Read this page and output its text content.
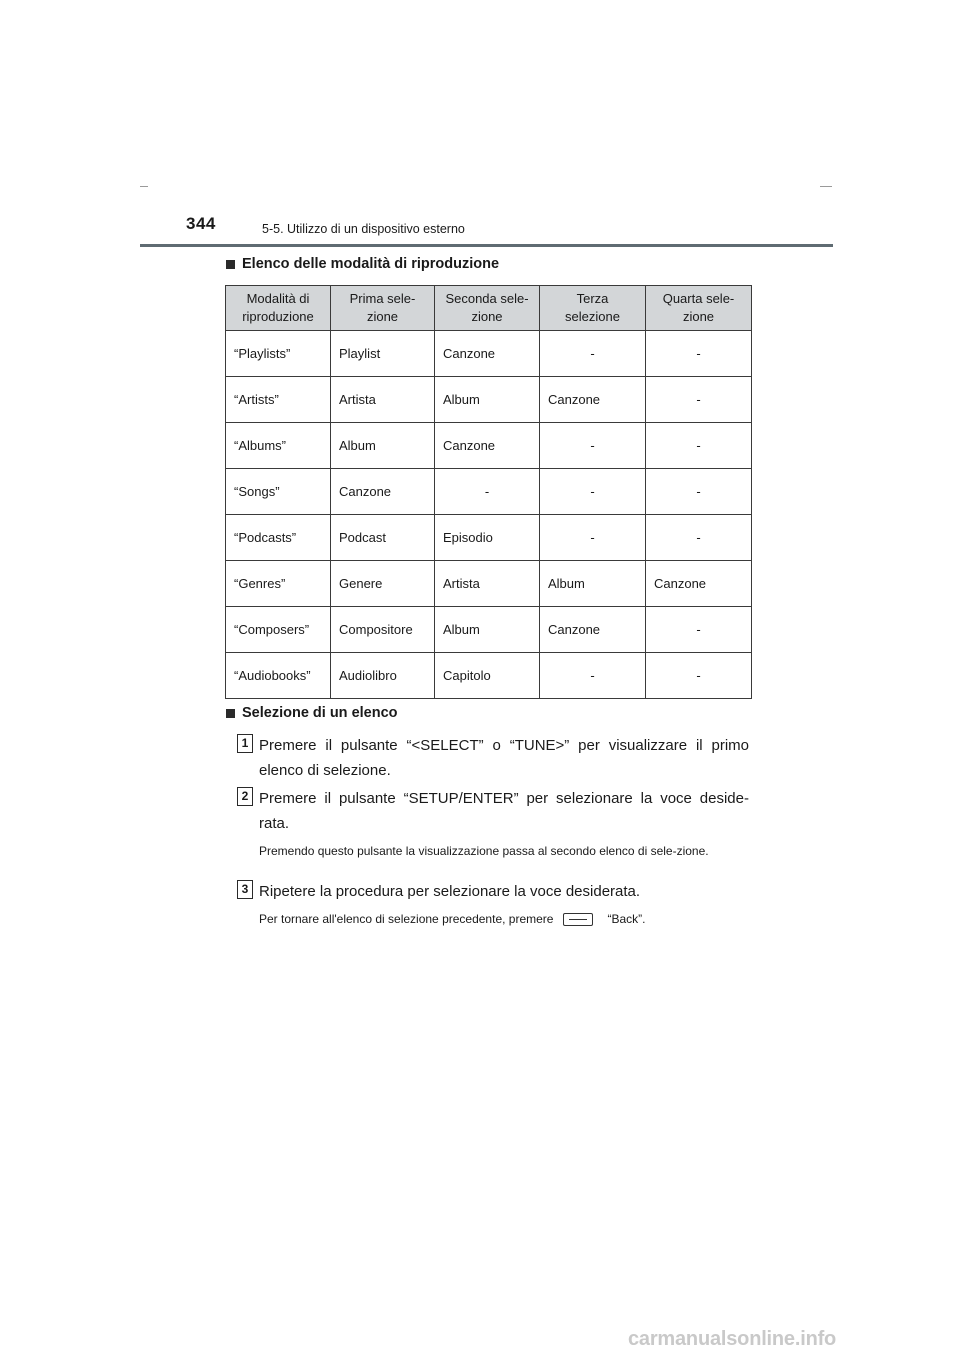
344	5-5. Utilizzo di un dispositivo esterno
Elenco delle modalità di riproduzione
Modalità di riproduzione	Prima sele-zione	Seconda sele-zione	Terza selezione	Quarta sele-zione
“Playlists”	Playlist	Canzone	-	-
“Artists”	Artista	Album	Canzone	-
“Albums”	Album	Canzone	-	-
“Songs”	Canzone	-	-	-
“Podcasts”	Podcast	Episodio	-	-
“Genres”	Genere	Artista	Album	Canzone
“Composers”	Compositore	Album	Canzone	-
“Audiobooks”	Audiolibro	Capitolo	-	-
Selezione di un elenco
1 Premere il pulsante “<SELECT” o “TUNE>” per visualizzare il primo elenco di selezione.
2 Premere il pulsante “SETUP/ENTER” per selezionare la voce deside-rata.
Premendo questo pulsante la visualizzazione passa al secondo elenco di sele-zione.
3 Ripetere la procedura per selezionare la voce desiderata.
Per tornare all'elenco di selezione precedente, premere	“Back”.
carmanualsonline.info
